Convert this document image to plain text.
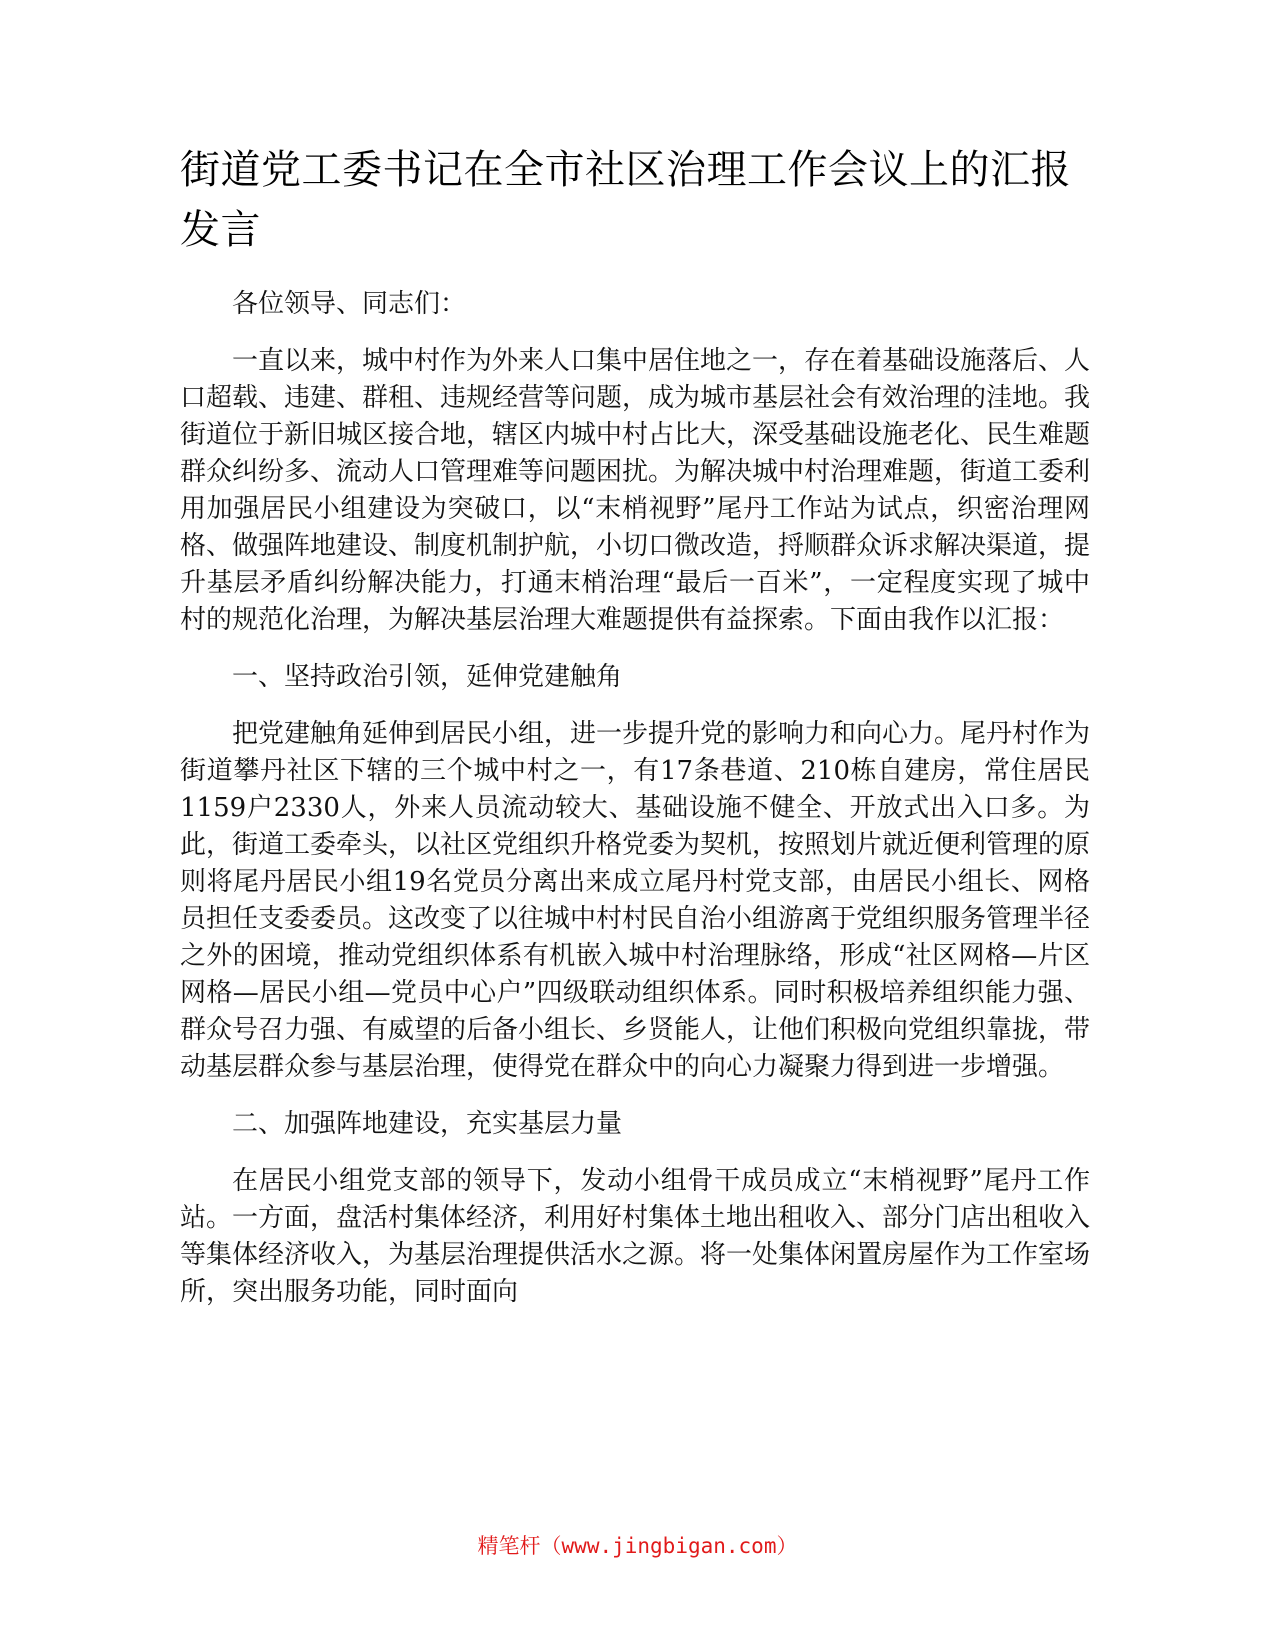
街道党工委书记在全市社区治理工作会议上的汇报发言

各位领导、同志们：

一直以来，城中村作为外来人口集中居住地之一，存在着基础设施落后、人口超载、违建、群租、违规经营等问题，成为城市基层社会有效治理的洼地。我街道位于新旧城区接合地，辖区内城中村占比大，深受基础设施老化、民生难题群众纠纷多、流动人口管理难等问题困扰。为解决城中村治理难题，街道工委利用加强居民小组建设为突破口，以“末梢视野”尾丹工作站为试点，织密治理网格、做强阵地建设、制度机制护航，小切口微改造，捋顺群众诉求解决渠道，提升基层矛盾纠纷解决能力，打通末梢治理“最后一百米”，一定程度实现了城中村的规范化治理，为解决基层治理大难题提供有益探索。下面由我作以汇报：

一、坚持政治引领，延伸党建触角

把党建触角延伸到居民小组，进一步提升党的影响力和向心力。尾丹村作为街道攀丹社区下辖的三个城中村之一，有17条巷道、210栋自建房，常住居民1159户2330人，外来人员流动较大、基础设施不健全、开放式出入口多。为此，街道工委牵头，以社区党组织升格党委为契机，按照划片就近便利管理的原则将尾丹居民小组19名党员分离出来成立尾丹村党支部，由居民小组长、网格员担任支委委员。这改变了以往城中村村民自治小组游离于党组织服务管理半径之外的困境，推动党组织体系有机嵌入城中村治理脉络，形成“社区网格—片区网格—居民小组—党员中心户”四级联动组织体系。同时积极培养组织能力强、群众号召力强、有威望的后备小组长、乡贤能人，让他们积极向党组织靠拢，带动基层群众参与基层治理，使得党在群众中的向心力凝聚力得到进一步增强。

二、加强阵地建设，充实基层力量

在居民小组党支部的领导下，发动小组骨干成员成立“末梢视野”尾丹工作站。一方面，盘活村集体经济，利用好村集体土地出租收入、部分门店出租收入等集体经济收入，为基层治理提供活水之源。将一处集体闲置房屋作为工作室场所，突出服务功能，同时面向

精笔杆（www.jingbigan.com）
